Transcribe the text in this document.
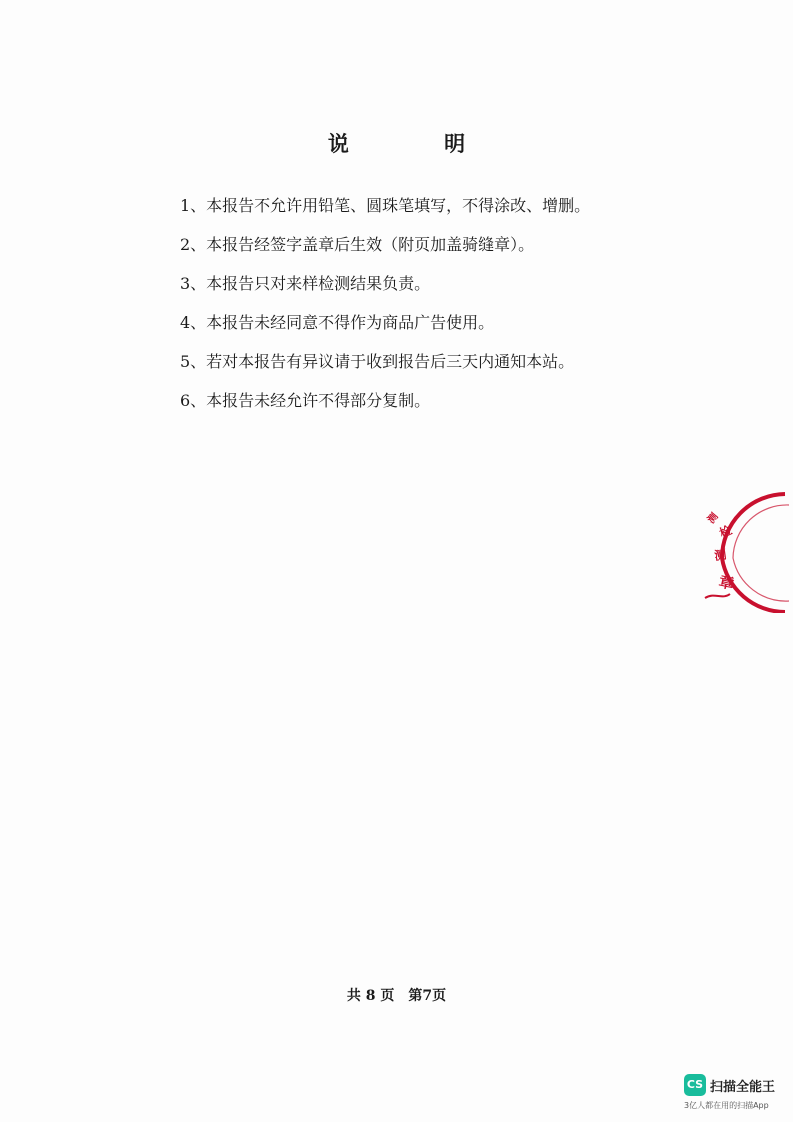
说 明
1、本报告不允许用铅笔、圆珠笔填写，不得涂改、增删。
2、本报告经签字盖章后生效（附页加盖骑缝章）。
3、本报告只对来样检测结果负责。
4、本报告未经同意不得作为商品广告使用。
5、若对本报告有异议请于收到报告后三天内通知本站。
6、本报告未经允许不得部分复制。
测
检
测
章
共 8 页 第7页
CS 扫描全能王
3亿人都在用的扫描App
